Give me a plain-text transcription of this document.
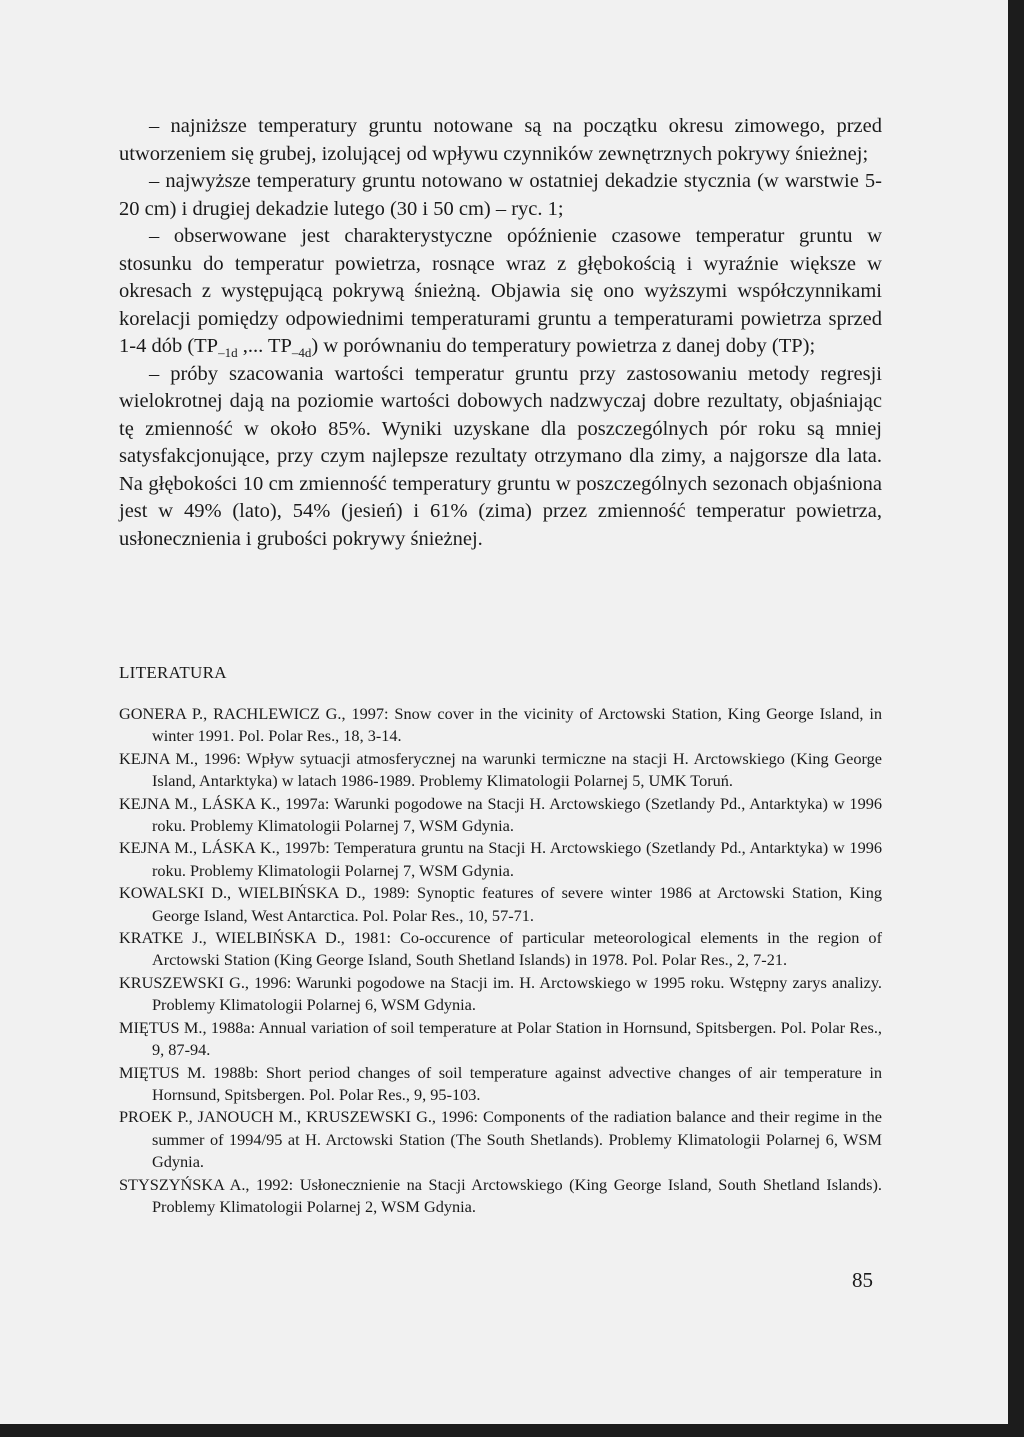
– najniższe temperatury gruntu notowane są na początku okresu zimowego, przed utworzeniem się grubej, izolującej od wpływu czynników zewnętrznych pokrywy śnieżnej;

– najwyższe temperatury gruntu notowano w ostatniej dekadzie stycznia (w warstwie 5-20 cm) i drugiej dekadzie lutego (30 i 50 cm) – ryc. 1;

– obserwowane jest charakterystyczne opóźnienie czasowe temperatur gruntu w stosunku do temperatur powietrza, rosnące wraz z głębokością i wyraźnie większe w okresach z występującą pokrywą śnieżną. Objawia się ono wyższymi współczynnikami korelacji pomiędzy odpowiednimi temperaturami gruntu a temperaturami powietrza sprzed 1-4 dób ($TP_{-1d}$ ,... $TP_{-4d}$) w porównaniu do temperatury powietrza z danej doby (TP);

– próby szacowania wartości temperatur gruntu przy zastosowaniu metody regresji wielokrotnej dają na poziomie wartości dobowych nadzwyczaj dobre rezultaty, objaśniając tę zmienność w około 85%. Wyniki uzyskane dla poszczególnych pór roku są mniej satysfakcjonujące, przy czym najlepsze rezultaty otrzymano dla zimy, a najgorsze dla lata. Na głębokości 10 cm zmienność temperatury gruntu w poszczególnych sezonach objaśniona jest w 49% (lato), 54% (jesień) i 61% (zima) przez zmienność temperatur powietrza, usłonecznienia i grubości pokrywy śnieżnej.

LITERATURA

GONERA P., RACHLEWICZ G., 1997: Snow cover in the vicinity of Arctowski Station, King George Island, in winter 1991. Pol. Polar Res., 18, 3-14.

KEJNA M., 1996: Wpływ sytuacji atmosferycznej na warunki termiczne na stacji H. Arctowskiego (King George Island, Antarktyka) w latach 1986-1989. Problemy Klimatologii Polarnej 5, UMK Toruń.

KEJNA M., LÁSKA K., 1997a: Warunki pogodowe na Stacji H. Arctowskiego (Szetlandy Pd., Antarktyka) w 1996 roku. Problemy Klimatologii Polarnej 7, WSM Gdynia.

KEJNA M., LÁSKA K., 1997b: Temperatura gruntu na Stacji H. Arctowskiego (Szetlandy Pd., Antarktyka) w 1996 roku. Problemy Klimatologii Polarnej 7, WSM Gdynia.

KOWALSKI D., WIELBIŃSKA D., 1989: Synoptic features of severe winter 1986 at Arctowski Station, King George Island, West Antarctica. Pol. Polar Res., 10, 57-71.

KRATKE J., WIELBIŃSKA D., 1981: Co-occurence of particular meteorological elements in the region of Arctowski Station (King George Island, South Shetland Islands) in 1978. Pol. Polar Res., 2, 7-21.

KRUSZEWSKI G., 1996: Warunki pogodowe na Stacji im. H. Arctowskiego w 1995 roku. Wstępny zarys analizy. Problemy Klimatologii Polarnej 6, WSM Gdynia.

MIĘTUS M., 1988a: Annual variation of soil temperature at Polar Station in Hornsund, Spitsbergen. Pol. Polar Res., 9, 87-94.

MIĘTUS M. 1988b: Short period changes of soil temperature against advective changes of air temperature in Hornsund, Spitsbergen. Pol. Polar Res., 9, 95-103.

PROEK P., JANOUCH M., KRUSZEWSKI G., 1996: Components of the radiation balance and their regime in the summer of 1994/95 at H. Arctowski Station (The South Shetlands). Problemy Klimatologii Polarnej 6, WSM Gdynia.

STYSZYŃSKA A., 1992: Usłonecznienie na Stacji Arctowskiego (King George Island, South Shetland Islands). Problemy Klimatologii Polarnej 2, WSM Gdynia.

85
